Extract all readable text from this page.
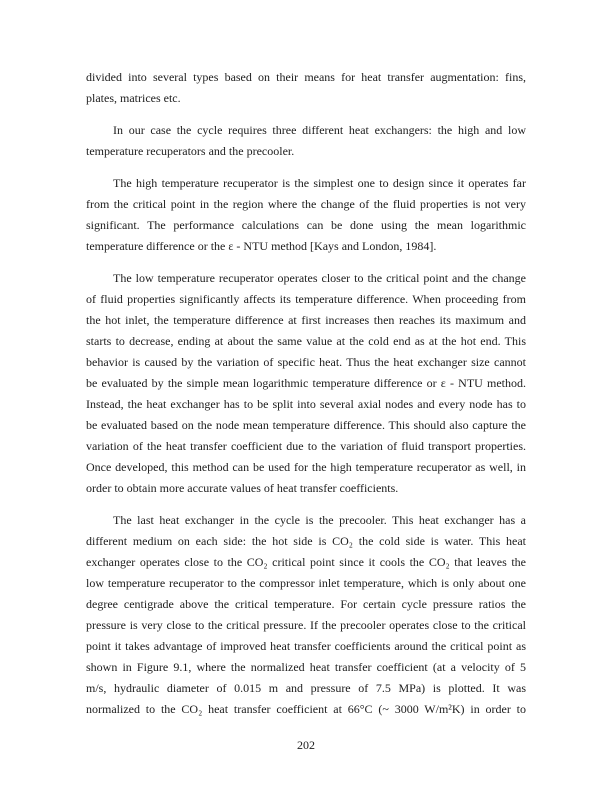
divided into several types based on their means for heat transfer augmentation: fins,
plates, matrices etc.
In our case the cycle requires three different heat exchangers: the high and low
temperature recuperators and the precooler.
The high temperature recuperator is the simplest one to design since it operates far
from the critical point in the region where the change of the fluid properties is not very
significant. The performance calculations can be done using the mean logarithmic
temperature difference or the ε - NTU method [Kays and London, 1984].
The low temperature recuperator operates closer to the critical point and the change
of fluid properties significantly affects its temperature difference. When proceeding from
the hot inlet, the temperature difference at first increases then reaches its maximum and
starts to decrease, ending at about the same value at the cold end as at the hot end. This
behavior is caused by the variation of specific heat. Thus the heat exchanger size cannot
be evaluated by the simple mean logarithmic temperature difference or ε - NTU method.
Instead, the heat exchanger has to be split into several axial nodes and every node has to
be evaluated based on the node mean temperature difference. This should also capture the
variation of the heat transfer coefficient due to the variation of fluid transport properties.
Once developed, this method can be used for the high temperature recuperator as well, in
order to obtain more accurate values of heat transfer coefficients.
The last heat exchanger in the cycle is the precooler. This heat exchanger has a
different medium on each side: the hot side is CO₂ the cold side is water. This heat
exchanger operates close to the CO₂ critical point since it cools the CO₂ that leaves the
low temperature recuperator to the compressor inlet temperature, which is only about one
degree centigrade above the critical temperature. For certain cycle pressure ratios the
pressure is very close to the critical pressure. If the precooler operates close to the critical
point it takes advantage of improved heat transfer coefficients around the critical point as
shown in Figure 9.1, where the normalized heat transfer coefficient (at a velocity of 5
m/s, hydraulic diameter of 0.015 m and pressure of 7.5 MPa) is plotted. It was
normalized to the CO₂ heat transfer coefficient at 66°C (~ 3000 W/m²K) in order to
202
